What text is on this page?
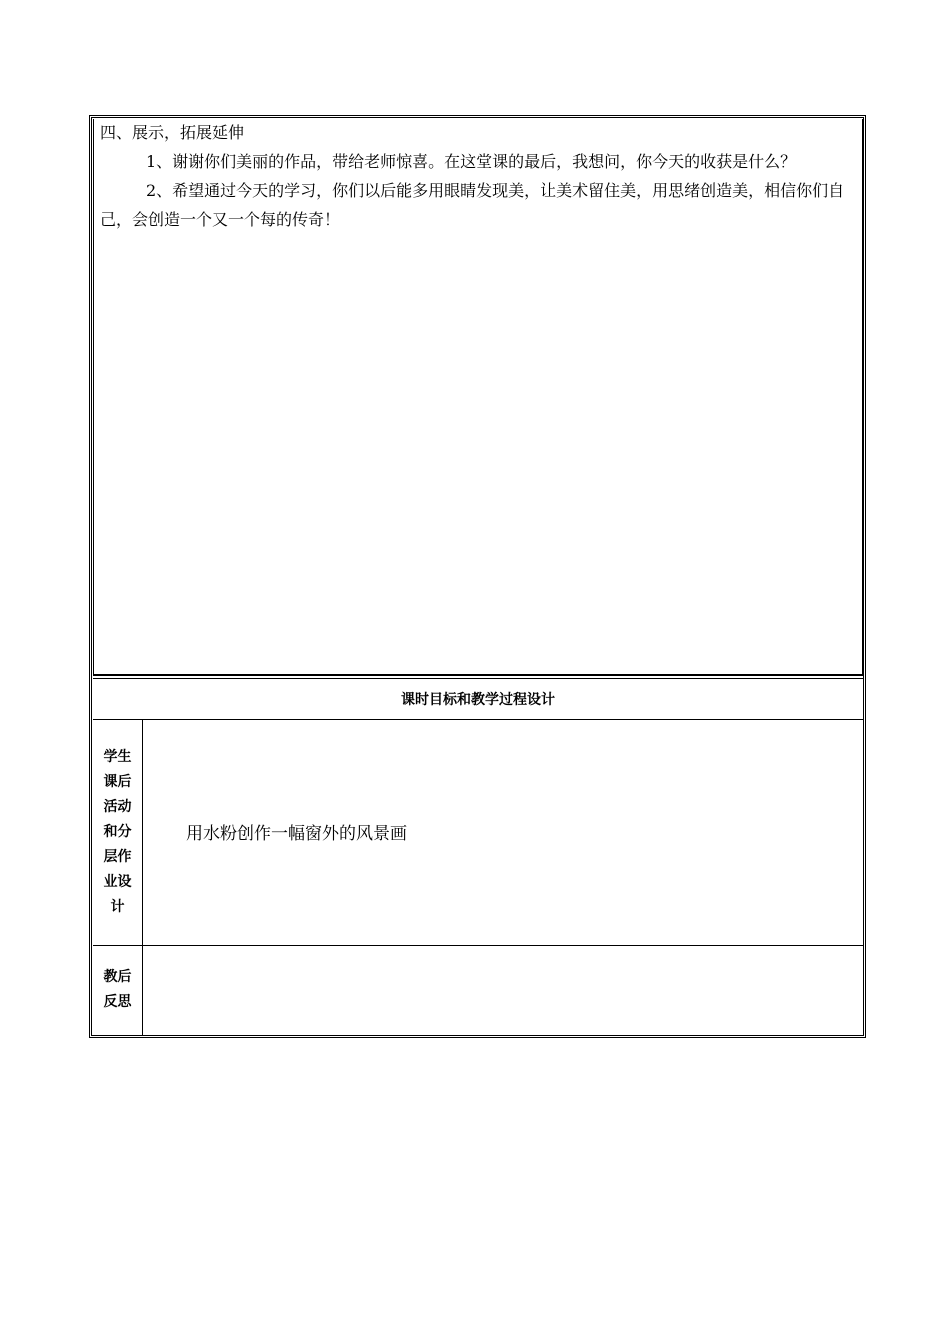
四、展示，拓展延伸

1、谢谢你们美丽的作品，带给老师惊喜。在这堂课的最后，我想问，你今天的收获是什么？

2、希望通过今天的学习，你们以后能多用眼睛发现美，让美术留住美，用思绪创造美，相信你们自己，会创造一个又一个每的传奇！

课时目标和教学过程设计
学生
课后
活动
和分
层作
业设
计
用水粉创作一幅窗外的风景画
教后
反思
